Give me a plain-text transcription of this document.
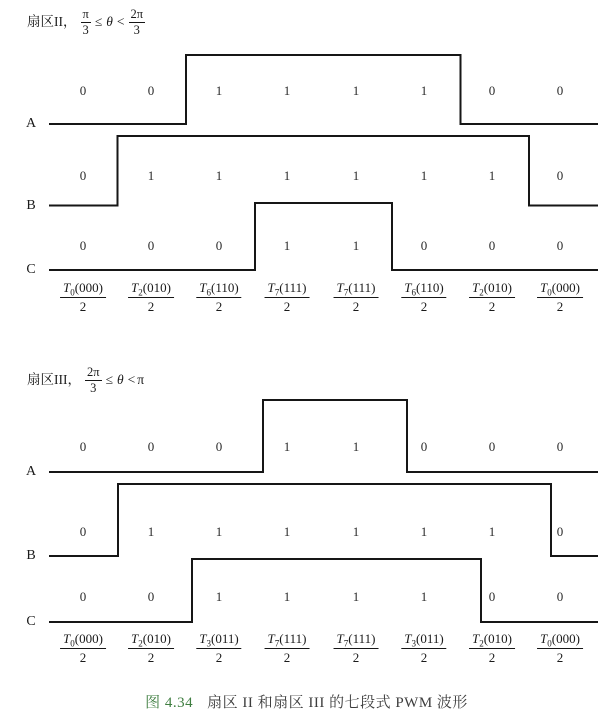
扇区II， $\frac{\pi}{3} \le \theta < \frac{2\pi}{3}$
扇区III， $\frac{2\pi}{3} \le \theta < \pi$
A
0	0	1	1	1	1	0	0
B
0	1	1	1	1	1	1	0
C
0	0	0	1	1	0	0	0
$\frac{T_0(000)}{2} \frac{T_2(010)}{2} \frac{T_6(110)}{2} \frac{T_7(111)}{2} \frac{T_7(111)}{2} \frac{T_6(110)}{2} \frac{T_2(010)}{2} \frac{T_0(000)}{2}$
A
0	0	0	1	1	0	0	0
B
0	1	1	1	1	1	1	0
C
0	0	1	1	1	1	0	0
$\frac{T_0(000)}{2} \frac{T_2(010)}{2} \frac{T_3(011)}{2} \frac{T_7(111)}{2} \frac{T_7(111)}{2} \frac{T_3(011)}{2} \frac{T_2(010)}{2} \frac{T_0(000)}{2}$
图 4.34 扇区 II 和扇区 III 的七段式 PWM 波形
